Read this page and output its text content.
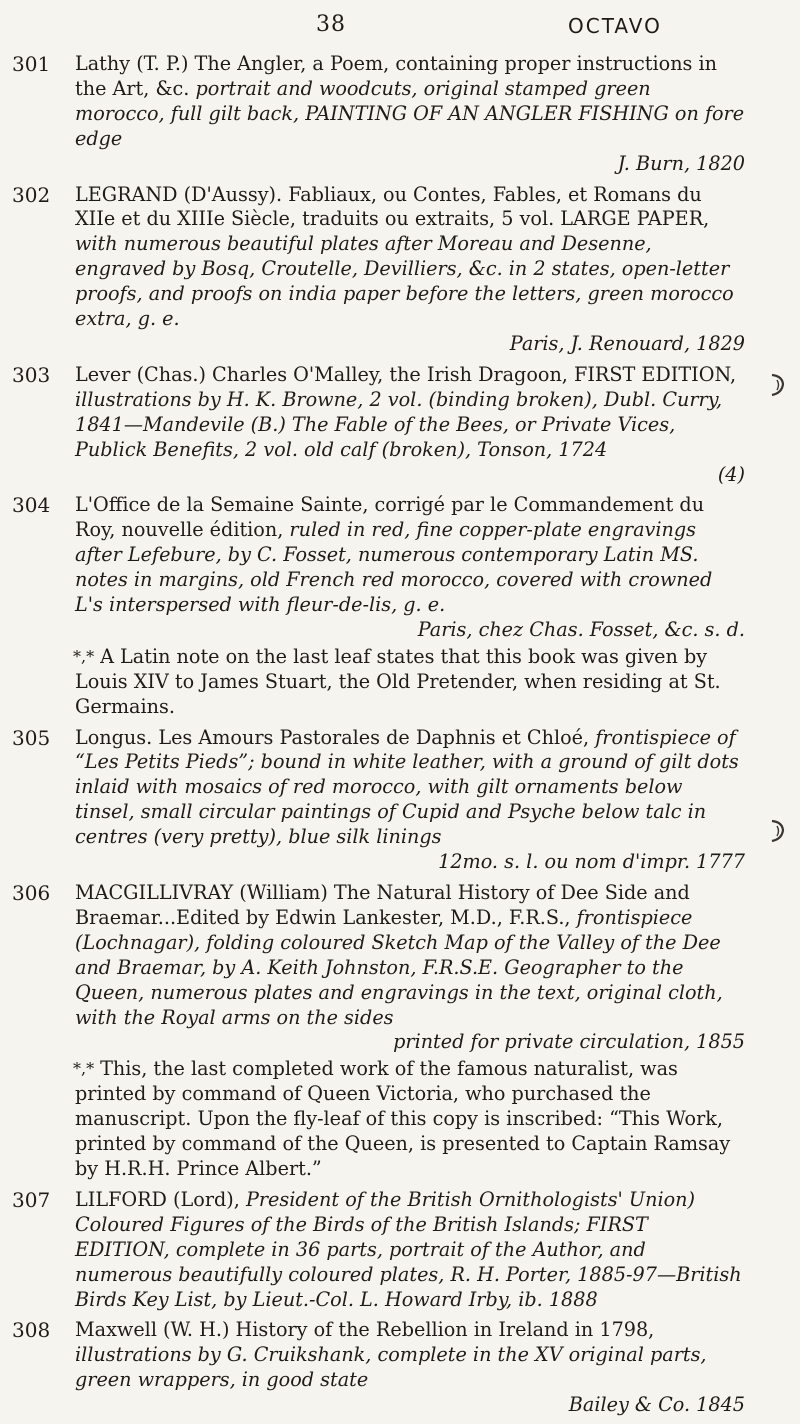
38	OCTAVO
301	Lathy (T. P.) The Angler, a Poem, containing proper instructions in the Art, &c. portrait and woodcuts, original stamped green morocco, full gilt back, PAINTING OF AN ANGLER FISHING on fore edge
J. Burn, 1820
302	LEGRAND (D'Aussy). Fabliaux, ou Contes, Fables, et Romans du XIIe et du XIIIe Siècle, traduits ou extraits, 5 vol. LARGE PAPER, with numerous beautiful plates after Moreau and Desenne, engraved by Bosq, Croutelle, Devilliers, &c. in 2 states, open-letter proofs, and proofs on india paper before the letters, green morocco extra, g. e.
Paris, J. Renouard, 1829
303	Lever (Chas.) Charles O'Malley, the Irish Dragoon, FIRST EDITION, illustrations by H. K. Browne, 2 vol. (binding broken), Dubl. Curry, 1841—Mandevile (B.) The Fable of the Bees, or Private Vices, Publick Benefits, 2 vol. old calf (broken), Tonson, 1724
(4)
304	L'Office de la Semaine Sainte, corrigé par le Commandement du Roy, nouvelle édition, ruled in red, fine copper-plate engravings after Lefebure, by C. Fosset, numerous contemporary Latin MS. notes in margins, old French red morocco, covered with crowned L's interspersed with fleur-de-lis, g. e.
Paris, chez Chas. Fosset, &c. s. d.
*,* A Latin note on the last leaf states that this book was given by Louis XIV to James Stuart, the Old Pretender, when residing at St. Germains.
305	Longus. Les Amours Pastorales de Daphnis et Chloé, frontispiece of “Les Petits Pieds”; bound in white leather, with a ground of gilt dots inlaid with mosaics of red morocco, with gilt ornaments below tinsel, small circular paintings of Cupid and Psyche below talc in centres (very pretty), blue silk linings
12mo. s. l. ou nom d'impr. 1777
306	MACGILLIVRAY (William) The Natural History of Dee Side and Braemar...Edited by Edwin Lankester, M.D., F.R.S., frontispiece (Lochnagar), folding coloured Sketch Map of the Valley of the Dee and Braemar, by A. Keith Johnston, F.R.S.E. Geographer to the Queen, numerous plates and engravings in the text, original cloth, with the Royal arms on the sides
printed for private circulation, 1855
*,* This, the last completed work of the famous naturalist, was printed by command of Queen Victoria, who purchased the manuscript. Upon the fly-leaf of this copy is inscribed: “This Work, printed by command of the Queen, is presented to Captain Ramsay by H.R.H. Prince Albert.”
307	LILFORD (Lord), President of the British Ornithologists' Union) Coloured Figures of the Birds of the British Islands; FIRST EDITION, complete in 36 parts, portrait of the Author, and numerous beautifully coloured plates, R. H. Porter, 1885-97—British Birds Key List, by Lieut.-Col. L. Howard Irby, ib. 1888
308	Maxwell (W. H.) History of the Rebellion in Ireland in 1798, illustrations by G. Cruikshank, complete in the XV original parts, green wrappers, in good state
Bailey & Co. 1845
